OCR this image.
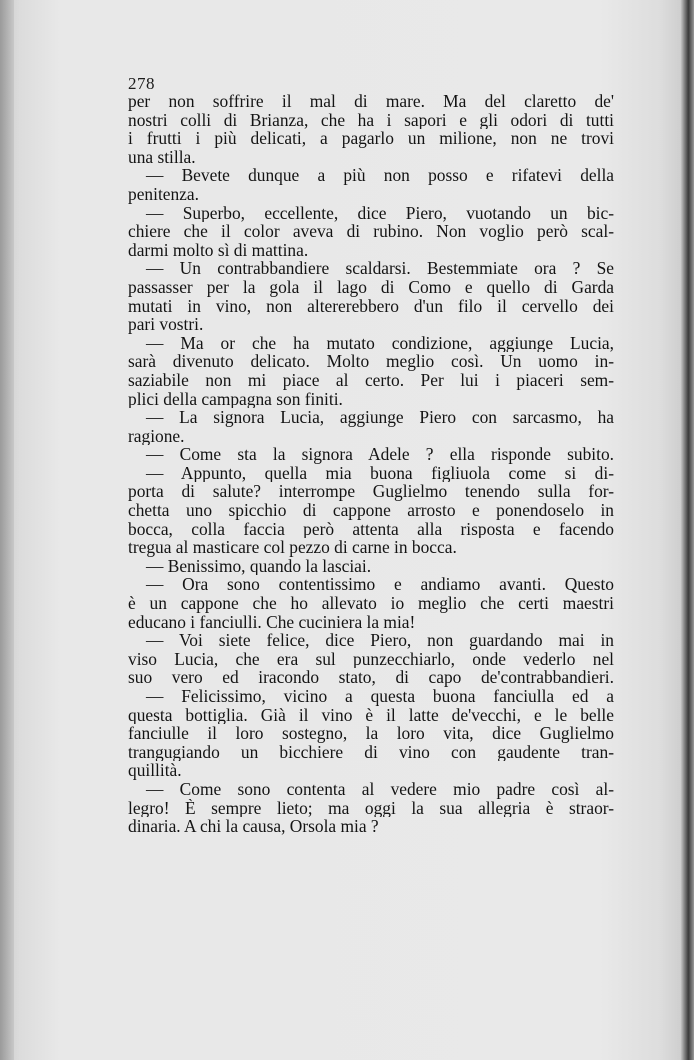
278
per non soffrire il mal di mare. Ma del claretto de'
nostri colli di Brianza, che ha i sapori e gli odori di tutti
i frutti i più delicati, a pagarlo un milione, non ne trovi
una stilla.
— Bevete dunque a più non posso e rifatevi della
penitenza.
— Superbo, eccellente, dice Piero, vuotando un bic-
chiere che il color aveva di rubino. Non voglio però scal-
darmi molto sì di mattina.
— Un contrabbandiere scaldarsi. Bestemmiate ora ? Se
passasser per la gola il lago di Como e quello di Garda
mutati in vino, non altererebbero d'un filo il cervello dei
pari vostri.
— Ma or che ha mutato condizione, aggiunge Lucia,
sarà divenuto delicato. Molto meglio così. Un uomo in-
saziabile non mi piace al certo. Per lui i piaceri sem-
plici della campagna son finiti.
— La signora Lucia, aggiunge Piero con sarcasmo, ha
ragione.
— Come sta la signora Adele ? ella risponde subito.
— Appunto, quella mia buona figliuola come si di-
porta di salute? interrompe Guglielmo tenendo sulla for-
chetta uno spicchio di cappone arrosto e ponendoselo in
bocca, colla faccia però attenta alla risposta e facendo
tregua al masticare col pezzo di carne in bocca.
— Benissimo, quando la lasciai.
— Ora sono contentissimo e andiamo avanti. Questo
è un cappone che ho allevato io meglio che certi maestri
educano i fanciulli. Che cuciniera la mia!
— Voi siete felice, dice Piero, non guardando mai in
viso Lucia, che era sul punzecchiarlo, onde vederlo nel
suo vero ed iracondo stato, di capo de'contrabbandieri.
— Felicissimo, vicino a questa buona fanciulla ed a
questa bottiglia. Già il vino è il latte de'vecchi, e le belle
fanciulle il loro sostegno, la loro vita, dice Guglielmo
trangugiando un bicchiere di vino con gaudente tran-
quillità.
— Come sono contenta al vedere mio padre così al-
legro! È sempre lieto; ma oggi la sua allegria è straor-
dinaria. A chi la causa, Orsola mia ?
